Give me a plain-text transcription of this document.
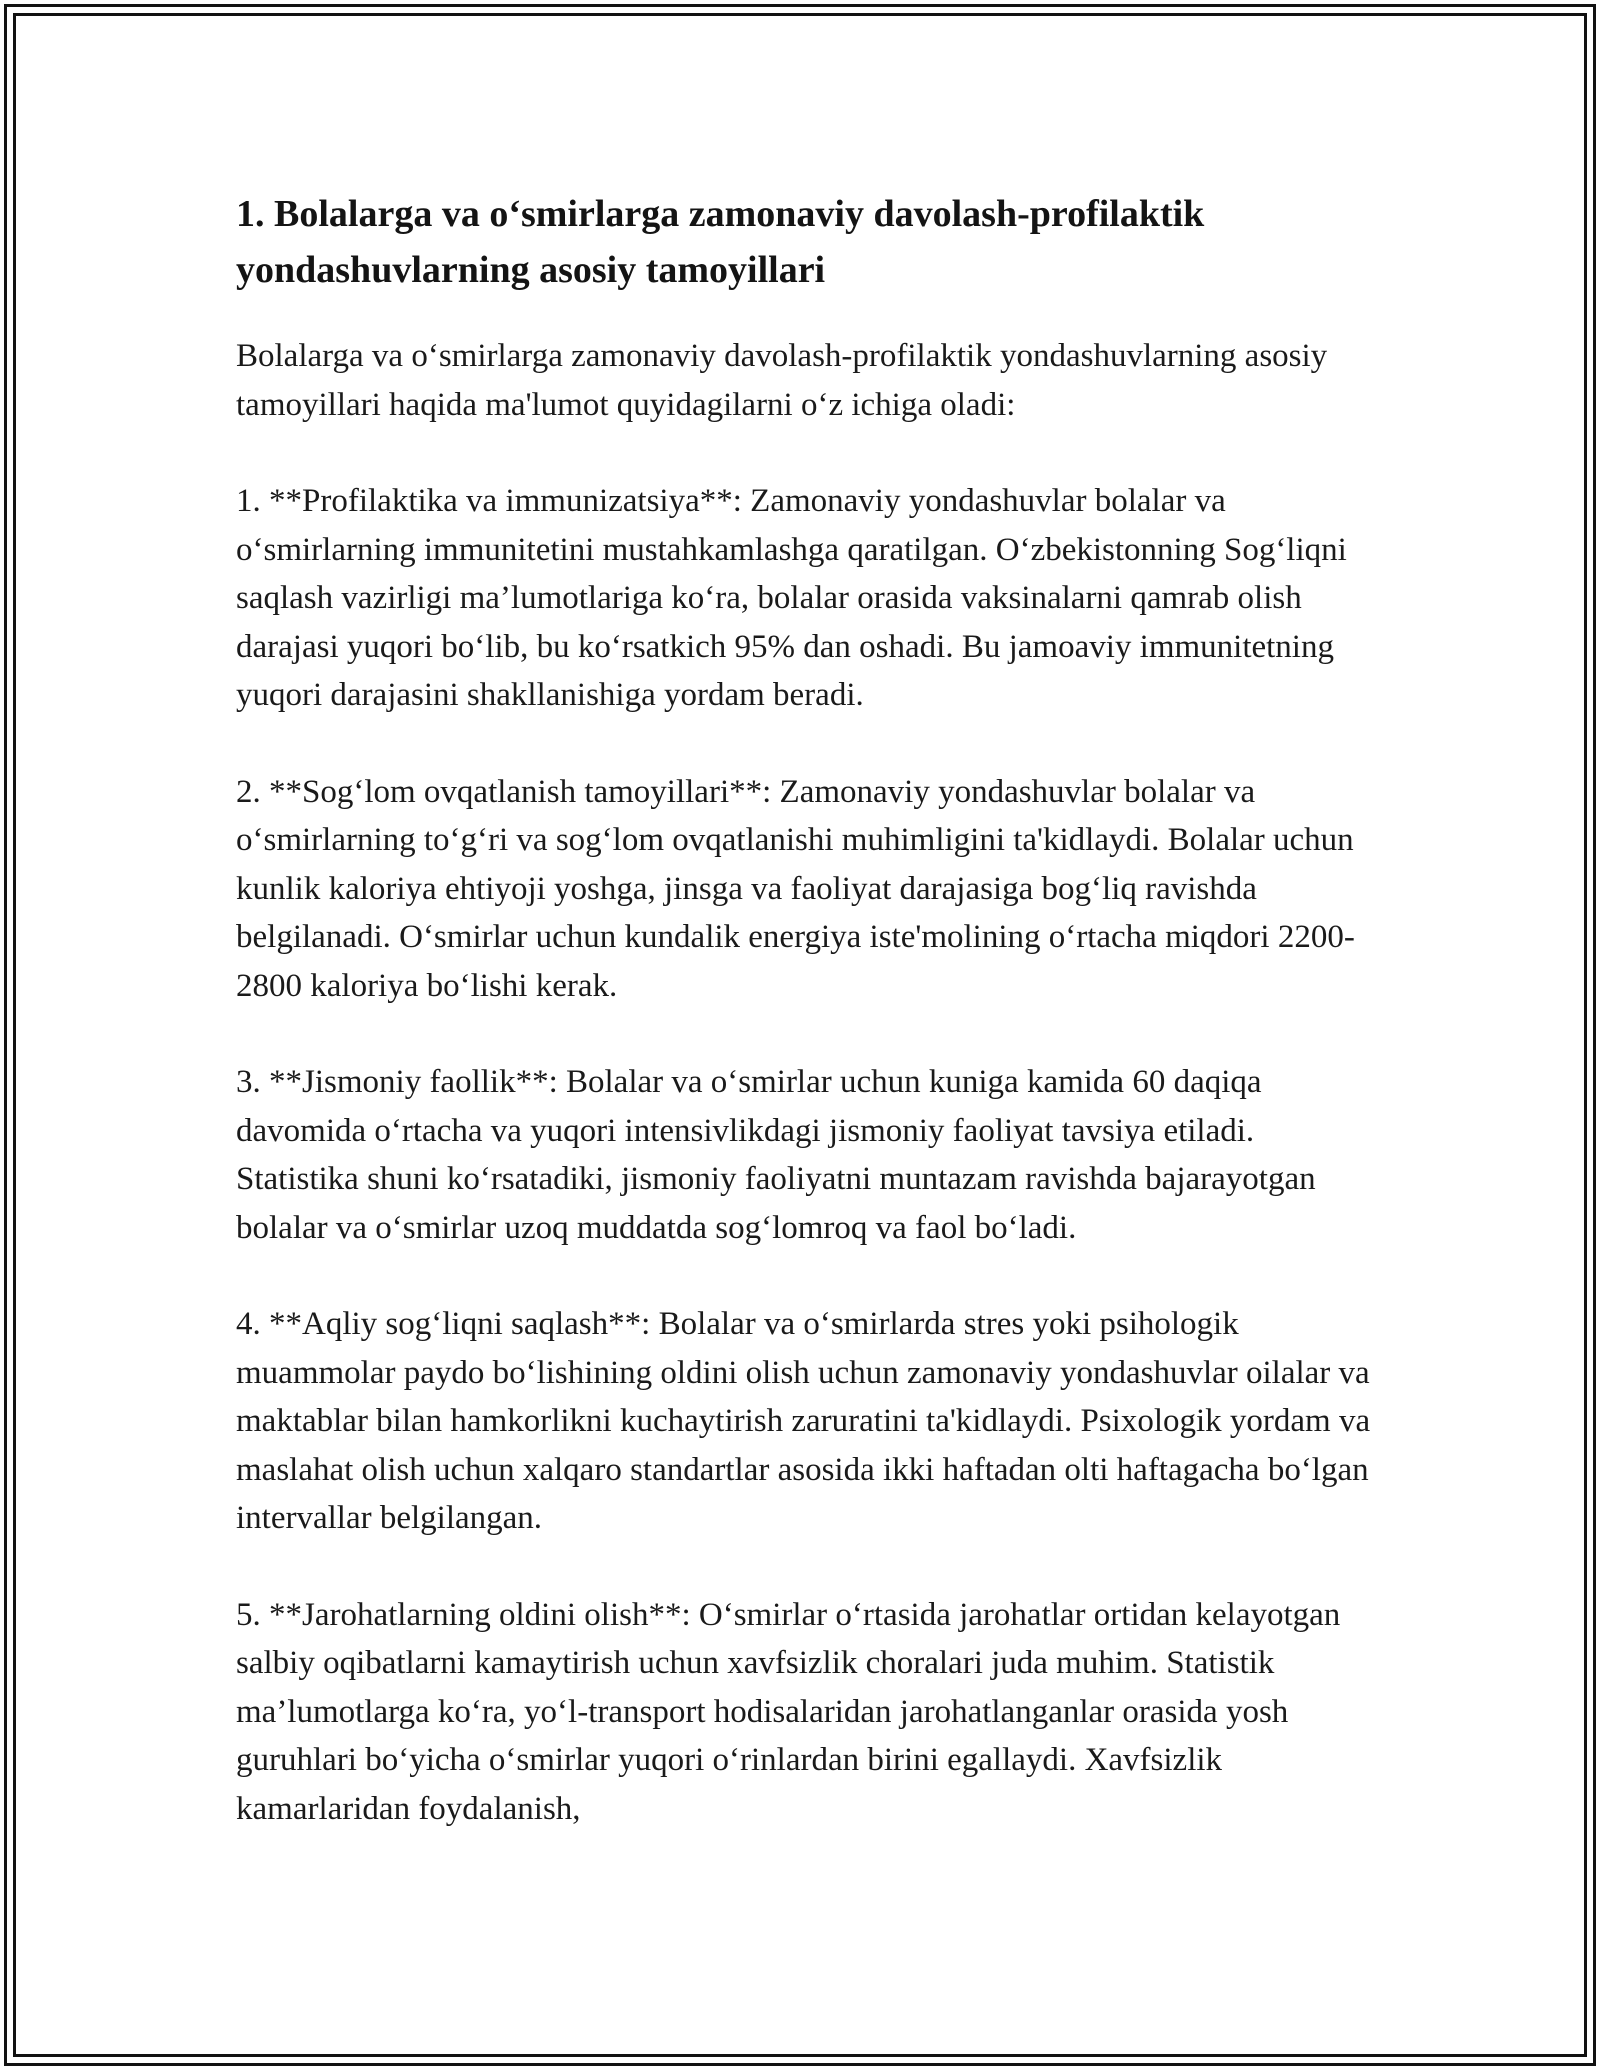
1. Bolalarga va oʻsmirlarga zamonaviy davolash-profilaktik yondashuvlarning asosiy tamoyillari

Bolalarga va oʻsmirlarga zamonaviy davolash-profilaktik yondashuvlarning asosiy tamoyillari haqida ma'lumot quyidagilarni oʻz ichiga oladi:

1. **Profilaktika va immunizatsiya**: Zamonaviy yondashuvlar bolalar va oʻsmirlarning immunitetini mustahkamlashga qaratilgan. Oʻzbekistonning Sogʻliqni saqlash vazirligi ma’lumotlariga koʻra, bolalar orasida vaksinalarni qamrab olish darajasi yuqori boʻlib, bu koʻrsatkich 95% dan oshadi. Bu jamoaviy immunitetning yuqori darajasini shakllanishiga yordam beradi.

2. **Sogʻlom ovqatlanish tamoyillari**: Zamonaviy yondashuvlar bolalar va oʻsmirlarning toʻgʻri va sogʻlom ovqatlanishi muhimligini ta'kidlaydi. Bolalar uchun kunlik kaloriya ehtiyoji yoshga, jinsga va faoliyat darajasiga bogʻliq ravishda belgilanadi. Oʻsmirlar uchun kundalik energiya iste'molining oʻrtacha miqdori 2200-2800 kaloriya boʻlishi kerak.

3. **Jismoniy faollik**: Bolalar va oʻsmirlar uchun kuniga kamida 60 daqiqa davomida oʻrtacha va yuqori intensivlikdagi jismoniy faoliyat tavsiya etiladi. Statistika shuni koʻrsatadiki, jismoniy faoliyatni muntazam ravishda bajarayotgan bolalar va oʻsmirlar uzoq muddatda sogʻlomroq va faol boʻladi.

4. **Aqliy sogʻliqni saqlash**: Bolalar va oʻsmirlarda stres yoki psihologik muammolar paydo boʻlishining oldini olish uchun zamonaviy yondashuvlar oilalar va maktablar bilan hamkorlikni kuchaytirish zaruratini ta'kidlaydi. Psixologik yordam va maslahat olish uchun xalqaro standartlar asosida ikki haftadan olti haftagacha boʻlgan intervallar belgilangan.

5. **Jarohatlarning oldini olish**: Oʻsmirlar oʻrtasida jarohatlar ortidan kelayotgan salbiy oqibatlarni kamaytirish uchun xavfsizlik choralari juda muhim. Statistik ma’lumotlarga koʻra, yoʻl-transport hodisalaridan jarohatlanganlar orasida yosh guruhlari boʻyicha oʻsmirlar yuqori oʻrinlardan birini egallaydi. Xavfsizlik kamarlaridan foydalanish,
